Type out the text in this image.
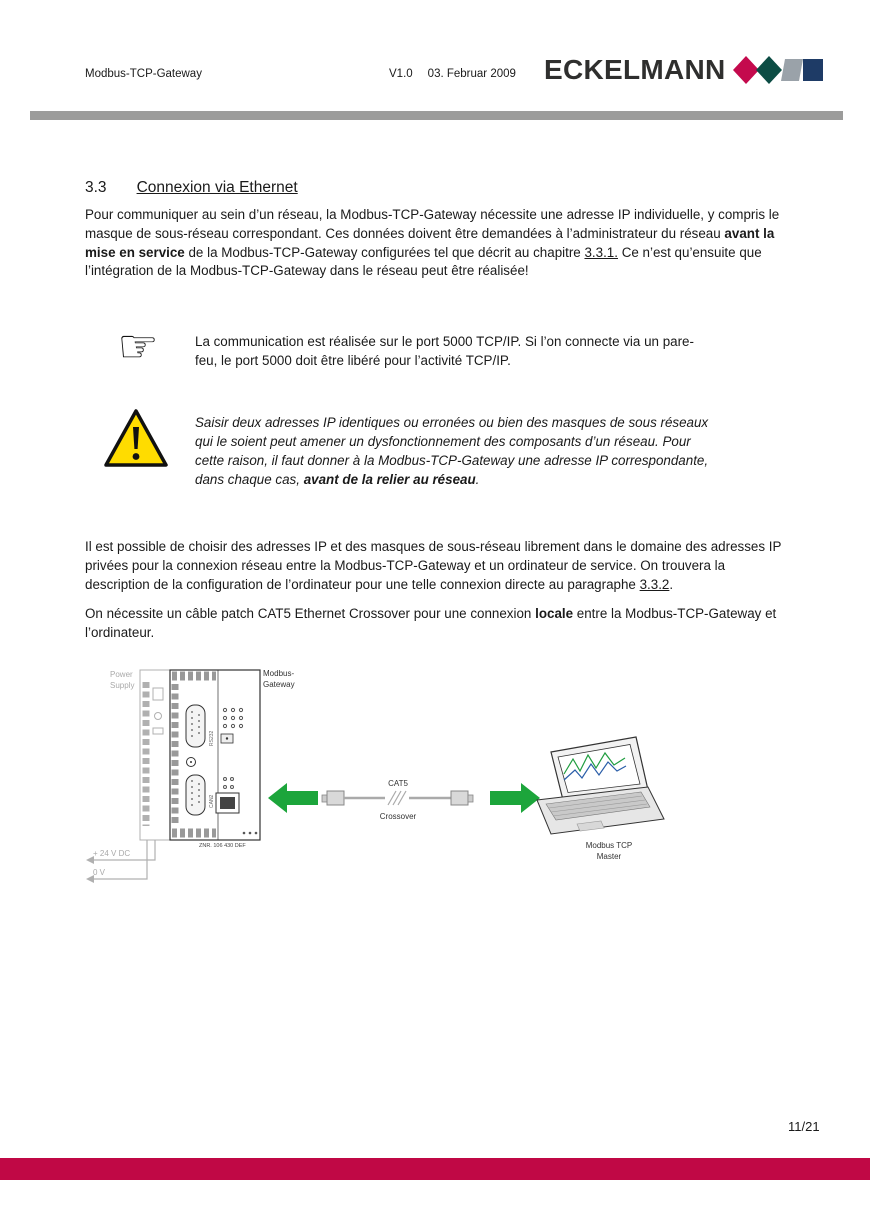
Modbus-TCP-Gateway	V1.0 03. Februar 2009 ECKELMANN
3.3 Connexion via Ethernet

Pour communiquer au sein d’un réseau, la Modbus-TCP-Gateway nécessite une adresse IP individuelle, y compris le masque de sous-réseau correspondant. Ces données doivent être demandées à l’administrateur du réseau avant la mise en service de la Modbus-TCP-Gateway configurées tel que décrit au chapitre 3.3.1. Ce n’est qu’ensuite que l’intégration de la Modbus-TCP-Gateway dans le réseau peut être réalisée!

☞	La communication est réalisée sur le port 5000 TCP/IP. Si l’on connecte via un pare-feu, le port 5000 doit être libéré pour l’activité TCP/IP.

Saisir deux adresses IP identiques ou erronées ou bien des masques de sous réseaux qui le soient peut amener un dysfonctionnement des composants d’un réseau. Pour cette raison, il faut donner à la Modbus-TCP-Gateway une adresse IP correspondante, dans chaque cas, avant de la relier au réseau.

Il est possible de choisir des adresses IP et des masques de sous-réseau librement dans le domaine des adresses IP privées pour la connexion réseau entre la Modbus-TCP-Gateway et un ordinateur de service. On trouvera la description de la configuration de l’ordinateur pour une telle connexion directe au paragraphe 3.3.2.

On nécessite un câble patch CAT5 Ethernet Crossover pour une connexion locale entre la Modbus-TCP-Gateway et l’ordinateur.

Power
Supply
RS232
CAN2
ZNR. 106 430 DEF
Modbus-
Gateway
CAT5
Crossover
Modbus TCP
Master
+ 24 V DC
0 V
11/21
